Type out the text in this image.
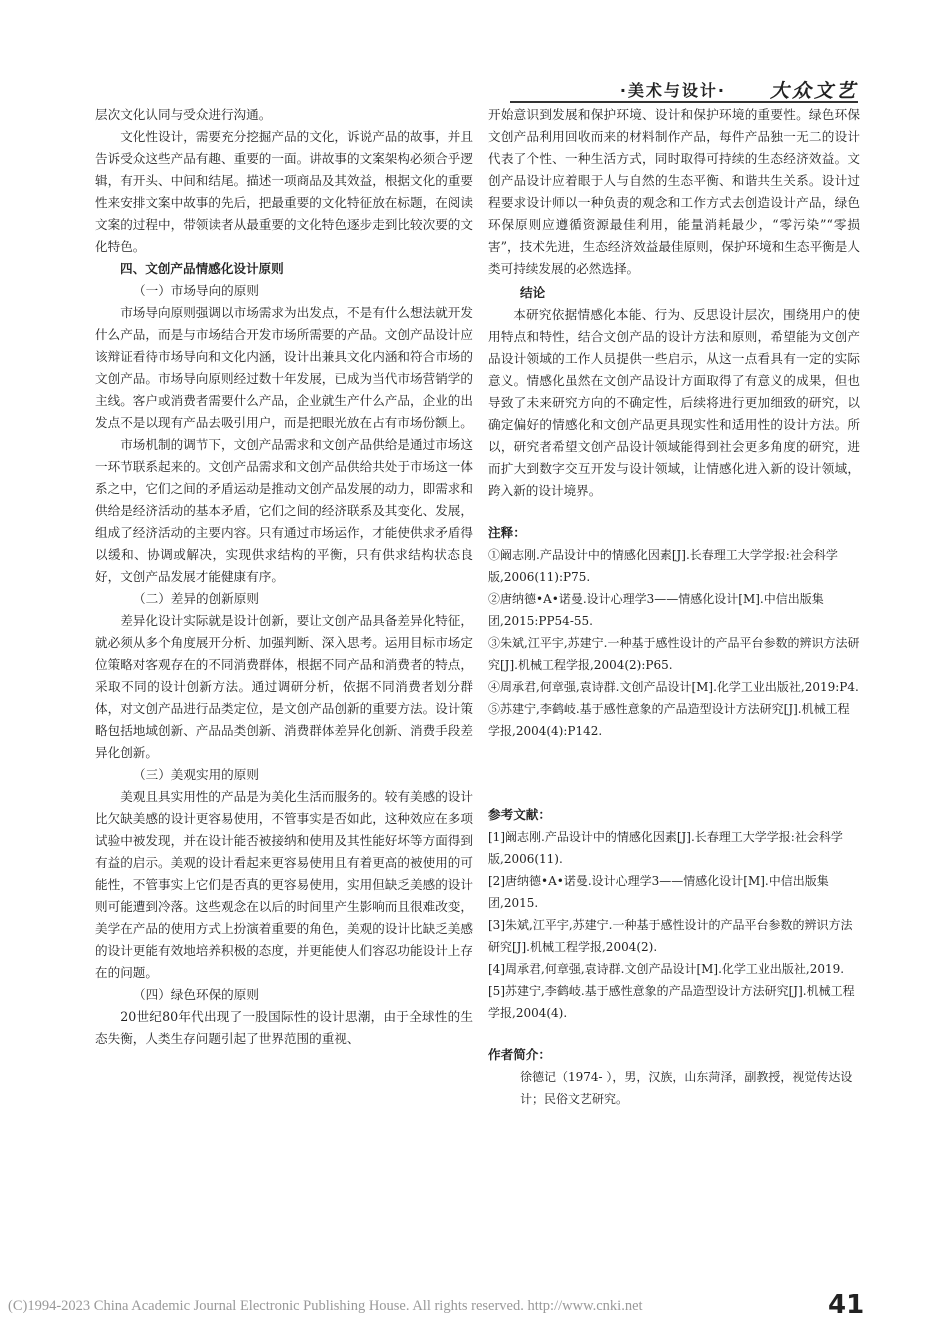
·美术与设计· 大众文艺

层次文化认同与受众进行沟通。

文化性设计，需要充分挖掘产品的文化，诉说产品的故事，并且告诉受众这些产品有趣、重要的一面。讲故事的文案架构必须合乎逻辑，有开头、中间和结尾。描述一项商品及其效益，根据文化的重要性来安排文案中故事的先后，把最重要的文化特征放在标题，在阅读文案的过程中，带领读者从最重要的文化特色逐步走到比较次要的文化特色。

四、文创产品情感化设计原则

（一）市场导向的原则

市场导向原则强调以市场需求为出发点，不是有什么想法就开发什么产品，而是与市场结合开发市场所需要的产品。文创产品设计应该辩证看待市场导向和文化内涵，设计出兼具文化内涵和符合市场的文创产品。市场导向原则经过数十年发展，已成为当代市场营销学的主线。客户或消费者需要什么产品，企业就生产什么产品，企业的出发点不是以现有产品去吸引用户，而是把眼光放在占有市场份额上。

市场机制的调节下，文创产品需求和文创产品供给是通过市场这一环节联系起来的。文创产品需求和文创产品供给共处于市场这一体系之中，它们之间的矛盾运动是推动文创产品发展的动力，即需求和供给是经济活动的基本矛盾，它们之间的经济联系及其变化、发展，组成了经济活动的主要内容。只有通过市场运作，才能使供求矛盾得以缓和、协调或解决，实现供求结构的平衡，只有供求结构状态良好，文创产品发展才能健康有序。

（二）差异的创新原则

差异化设计实际就是设计创新，要让文创产品具备差异化特征，就必须从多个角度展开分析、加强判断、深入思考。运用目标市场定位策略对客观存在的不同消费群体，根据不同产品和消费者的特点，采取不同的设计创新方法。通过调研分析，依据不同消费者划分群体，对文创产品进行品类定位，是文创产品创新的重要方法。设计策略包括地域创新、产品品类创新、消费群体差异化创新、消费手段差异化创新。

（三）美观实用的原则

美观且具实用性的产品是为美化生活而服务的。较有美感的设计比欠缺美感的设计更容易使用，不管事实是否如此，这种效应在多项试验中被发现，并在设计能否被接纳和使用及其性能好坏等方面得到有益的启示。美观的设计看起来更容易使用且有着更高的被使用的可能性，不管事实上它们是否真的更容易使用，实用但缺乏美感的设计则可能遭到冷落。这些观念在以后的时间里产生影响而且很难改变，美学在产品的使用方式上扮演着重要的角色，美观的设计比缺乏美感的设计更能有效地培养积极的态度，并更能使人们容忍功能设计上存在的问题。

（四）绿色环保的原则

20世纪80年代出现了一股国际性的设计思潮，由于全球性的生态失衡，人类生存问题引起了世界范围的重视、

开始意识到发展和保护环境、设计和保护环境的重要性。绿色环保文创产品利用回收而来的材料制作产品，每件产品独一无二的设计代表了个性、一种生活方式，同时取得可持续的生态经济效益。文创产品设计应着眼于人与自然的生态平衡、和谐共生关系。设计过程要求设计师以一种负责的观念和工作方式去创造设计产品，绿色环保原则应遵循资源最佳利用，能量消耗最少，“零污染”“零损害”，技术先进，生态经济效益最佳原则，保护环境和生态平衡是人类可持续发展的必然选择。

结论

本研究依据情感化本能、行为、反思设计层次，围绕用户的使用特点和特性，结合文创产品的设计方法和原则，希望能为文创产品设计领域的工作人员提供一些启示，从这一点看具有一定的实际意义。情感化虽然在文创产品设计方面取得了有意义的成果，但也导致了未来研究方向的不确定性，后续将进行更加细致的研究，以确定偏好的情感化和文创产品更具现实性和适用性的设计方法。所以，研究者希望文创产品设计领域能得到社会更多角度的研究，进而扩大到数字交互开发与设计领域，让情感化进入新的设计领域，跨入新的设计境界。

注释：

①阚志刚.产品设计中的情感化因素[J].长春理工大学学报:社会科学版,2006(11):P75.

②唐纳德•A•诺曼.设计心理学3——情感化设计[M].中信出版集团,2015:PP54-55.

③朱斌,江平宇,苏建宁.一种基于感性设计的产品平台参数的辨识方法研究[J].机械工程学报,2004(2):P65.

④周承君,何章强,袁诗群.文创产品设计[M].化学工业出版社,2019:P4.

⑤苏建宁,李鹤岐.基于感性意象的产品造型设计方法研究[J].机械工程学报,2004(4):P142.

参考文献：

[1]阚志刚.产品设计中的情感化因素[J].长春理工大学学报:社会科学版,2006(11).

[2]唐纳德•A•诺曼.设计心理学3——情感化设计[M].中信出版集团,2015.

[3]朱斌,江平宇,苏建宁.一种基于感性设计的产品平台参数的辨识方法研究[J].机械工程学报,2004(2).

[4]周承君,何章强,袁诗群.文创产品设计[M].化学工业出版社,2019.

[5]苏建宁,李鹤岐.基于感性意象的产品造型设计方法研究[J].机械工程学报,2004(4).

作者简介：

徐德记（1974- ），男，汉族，山东菏泽，副教授，视觉传达设计；民俗文艺研究。

41
(C)1994-2023 China Academic Journal Electronic Publishing House. All rights reserved. http://www.cnki.net
